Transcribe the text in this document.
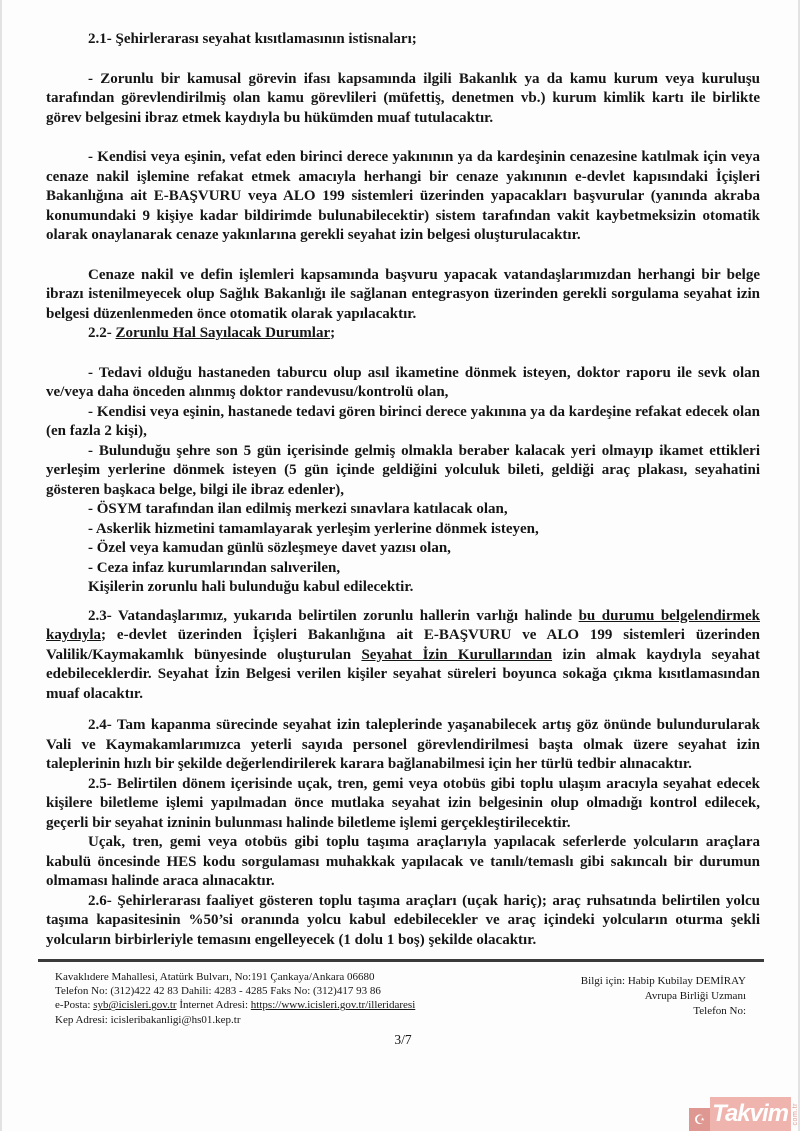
2.1- Şehirlerarası seyahat kısıtlamasının istisnaları;

- Zorunlu bir kamusal görevin ifası kapsamında ilgili Bakanlık ya da kamu kurum veya kuruluşu tarafından görevlendirilmiş olan kamu görevlileri (müfettiş, denetmen vb.) kurum kimlik kartı ile birlikte görev belgesini ibraz etmek kaydıyla bu hükümden muaf tutulacaktır.

- Kendisi veya eşinin, vefat eden birinci derece yakınının ya da kardeşinin cenazesine katılmak için veya cenaze nakil işlemine refakat etmek amacıyla herhangi bir cenaze yakınının e-devlet kapısındaki İçişleri Bakanlığına ait E-BAŞVURU veya ALO 199 sistemleri üzerinden yapacakları başvurular (yanında akraba konumundaki 9 kişiye kadar bildirimde bulunabilecektir) sistem tarafından vakit kaybetmeksizin otomatik olarak onaylanarak cenaze yakınlarına gerekli seyahat izin belgesi oluşturulacaktır.

Cenaze nakil ve defin işlemleri kapsamında başvuru yapacak vatandaşlarımızdan herhangi bir belge ibrazı istenilmeyecek olup Sağlık Bakanlığı ile sağlanan entegrasyon üzerinden gerekli sorgulama seyahat izin belgesi düzenlenmeden önce otomatik olarak yapılacaktır.

2.2- Zorunlu Hal Sayılacak Durumlar;

- Tedavi olduğu hastaneden taburcu olup asıl ikametine dönmek isteyen, doktor raporu ile sevk olan ve/veya daha önceden alınmış doktor randevusu/kontrolü olan,

- Kendisi veya eşinin, hastanede tedavi gören birinci derece yakınına ya da kardeşine refakat edecek olan (en fazla 2 kişi),

- Bulunduğu şehre son 5 gün içerisinde gelmiş olmakla beraber kalacak yeri olmayıp ikamet ettikleri yerleşim yerlerine dönmek isteyen (5 gün içinde geldiğini yolculuk bileti, geldiği araç plakası, seyahatini gösteren başkaca belge, bilgi ile ibraz edenler),

- ÖSYM tarafından ilan edilmiş merkezi sınavlara katılacak olan,

- Askerlik hizmetini tamamlayarak yerleşim yerlerine dönmek isteyen,

- Özel veya kamudan günlü sözleşmeye davet yazısı olan,

- Ceza infaz kurumlarından salıverilen,

Kişilerin zorunlu hali bulunduğu kabul edilecektir.

2.3- Vatandaşlarımız, yukarıda belirtilen zorunlu hallerin varlığı halinde bu durumu belgelendirmek kaydıyla; e-devlet üzerinden İçişleri Bakanlığına ait E-BAŞVURU ve ALO 199 sistemleri üzerinden Valilik/Kaymakamlık bünyesinde oluşturulan Seyahat İzin Kurullarından izin almak kaydıyla seyahat edebileceklerdir. Seyahat İzin Belgesi verilen kişiler seyahat süreleri boyunca sokağa çıkma kısıtlamasından muaf olacaktır.

2.4- Tam kapanma sürecinde seyahat izin taleplerinde yaşanabilecek artış göz önünde bulundurularak Vali ve Kaymakamlarımızca yeterli sayıda personel görevlendirilmesi başta olmak üzere seyahat izin taleplerinin hızlı bir şekilde değerlendirilerek karara bağlanabilmesi için her türlü tedbir alınacaktır.

2.5- Belirtilen dönem içerisinde uçak, tren, gemi veya otobüs gibi toplu ulaşım aracıyla seyahat edecek kişilere biletleme işlemi yapılmadan önce mutlaka seyahat izin belgesinin olup olmadığı kontrol edilecek, geçerli bir seyahat izninin bulunması halinde biletleme işlemi gerçekleştirilecektir.

Uçak, tren, gemi veya otobüs gibi toplu taşıma araçlarıyla yapılacak seferlerde yolcuların araçlara kabulü öncesinde HES kodu sorgulaması muhakkak yapılacak ve tanılı/temaslı gibi sakıncalı bir durumun olmaması halinde araca alınacaktır.

2.6- Şehirlerarası faaliyet gösteren toplu taşıma araçları (uçak hariç); araç ruhsatında belirtilen yolcu taşıma kapasitesinin %50’si oranında yolcu kabul edebilecekler ve araç içindeki yolcuların oturma şekli yolcuların birbirleriyle temasını engelleyecek (1 dolu 1 boş) şekilde olacaktır.

Kavaklıdere Mahallesi, Atatürk Bulvarı, No:191 Çankaya/Ankara 06680
Telefon No: (312)422 42 83 Dahili: 4283 - 4285 Faks No: (312)417 93 86
e-Posta: syb@icisleri.gov.tr İnternet Adresi: https://www.icisleri.gov.tr/illeridaresi
Kep Adresi: icisleribakanligi@hs01.kep.tr
Bilgi için: Habip Kubilay DEMİRAY
Avrupa Birliği Uzmanı
Telefon No:
3/7
☪ Takvim com.tr
